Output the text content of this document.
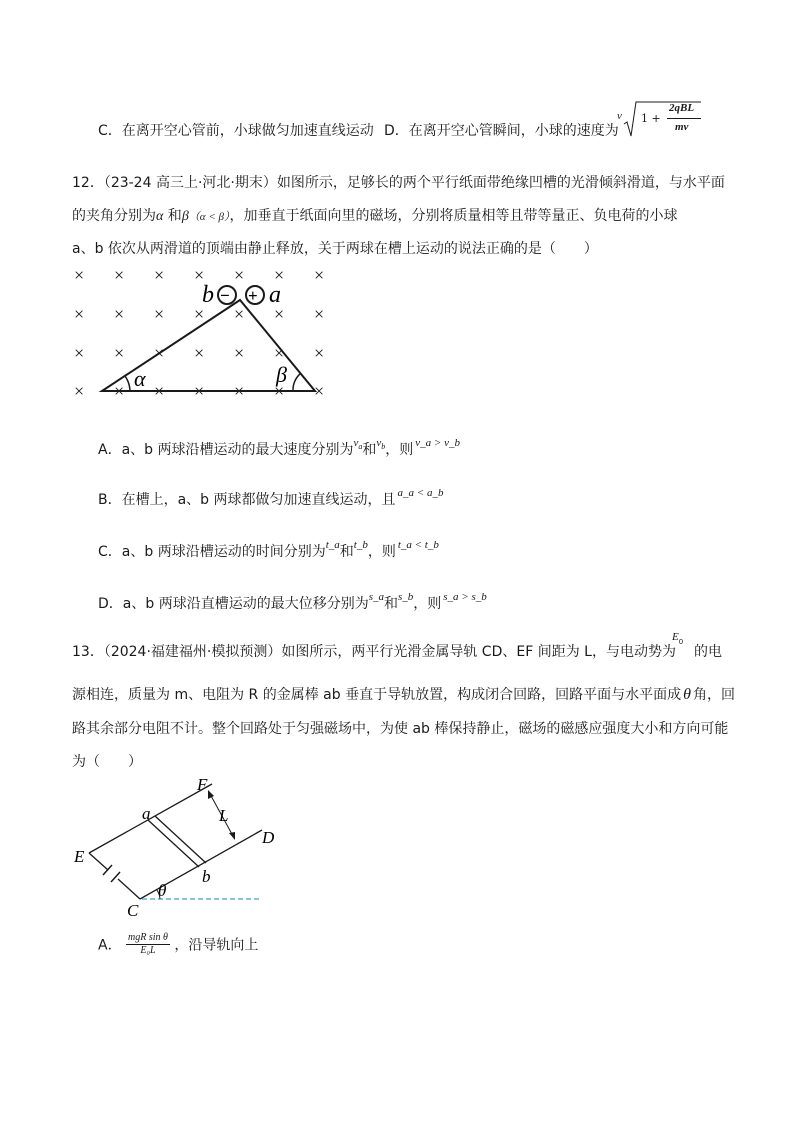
C．在离开空心管前，小球做匀加速直线运动 D．在离开空心管瞬间，小球的速度为
v 1 +
2qBL
mv
12．（23-24 高三上·河北·期末）如图所示，足够长的两个平行纸面带绝缘凹槽的光滑倾斜滑道，与水平面
的夹角分别为α 和β（α < β），加垂直于纸面向里的磁场，分别将质量相等且带等量正、负电荷的小球
a、b 依次从两滑道的顶端由静止释放，关于两球在槽上运动的说法正确的是（　　）
× × × × × × ×
× × × × × × ×
× × × × × × ×
× × × × × × ×
α	β
− +
b a
A．a、b 两球沿槽运动的最大速度分别为$^{v_a}$和$^{v_b}$，则 $^{v\_a > v\_b}$
B．在槽上，a、b 两球都做匀加速直线运动，且 $^{a\_a < a\_b}$
C．a、b 两球沿槽运动的时间分别为$^{t\_a}$和$^{t\_b}$，则 $^{t\_a < t\_b}$
D．a、b 两球沿直槽运动的最大位移分别为$^{s\_a}$和$^{s\_b}$，则 $^{s\_a > s\_b}$
13．（2024·福建福州·模拟预测）如图所示，两平行光滑金属导轨 CD、EF 间距为 L，与电动势为
$E_0$
的电
源相连，质量为 m、电阻为 R 的金属棒 ab 垂直于导轨放置，构成闭合回路，回路平面与水平面成 θ 角，回
路其余部分电阻不计。整个回路处于匀强磁场中，为使 ab 棒保持静止，磁场的磁感应强度大小和方向可能
为（　　）
F
a	L
D
E
b
θ
C
A． $\frac{\text{mgR sin θ}}{\text{E₀L}}$ ，沿导轨向上
